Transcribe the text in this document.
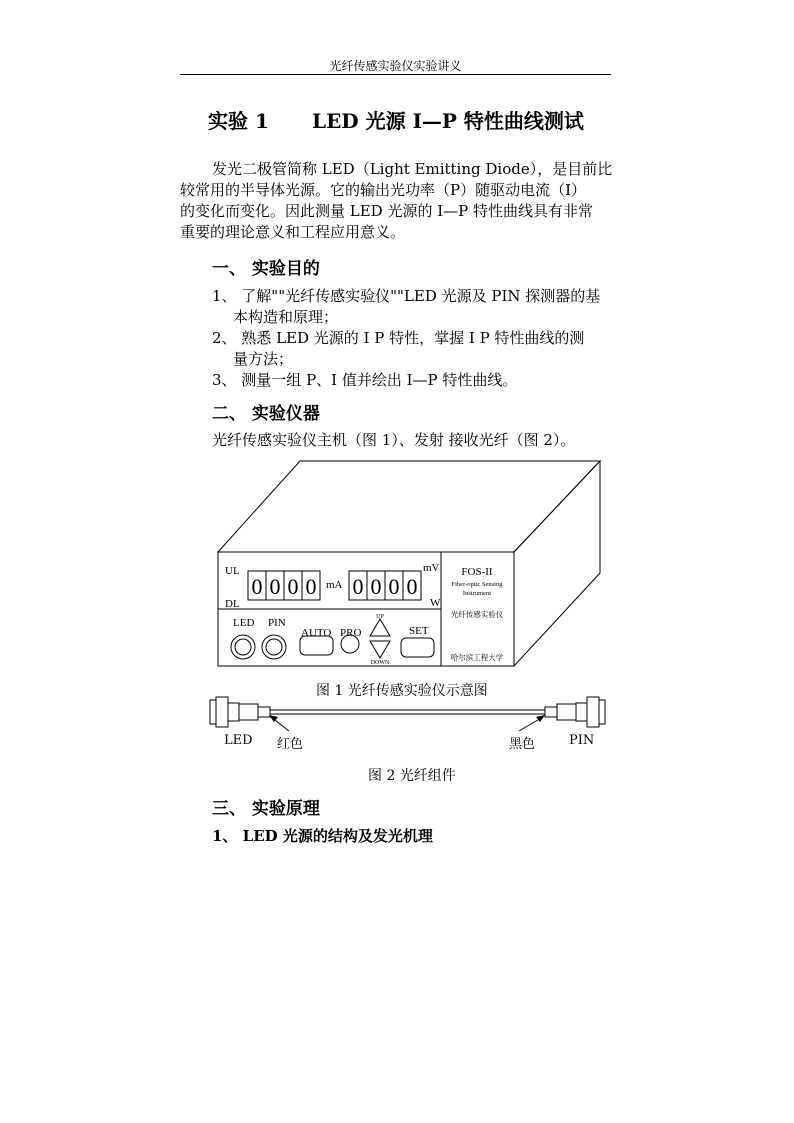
光纤传感实验仪实验讲义
实验 1 LED 光源 I—P 特性曲线测试
发光二极管简称 LED（Light Emitting Diode），是目前比
较常用的半导体光源。它的输出光功率（P）随驱动电流（I）
的变化而变化。因此测量 LED 光源的 I—P 特性曲线具有非常
重要的理论意义和工程应用意义。
一、 实验目的
1、 了解""光纤传感实验仪""LED 光源及 PIN 探测器的基
本构造和原理；
2、 熟悉 LED 光源的 I P 特性，掌握 I P 特性曲线的测
量方法；
3、 测量一组 P、I 值并绘出 I—P 特性曲线。
二、 实验仪器
光纤传感实验仪主机（图 1）、发射 接收光纤（图 2）。
0 0 0 0 0 0 0 0
UL
DL
mA
mV
W
LED PIN
AUTO PRO	SET
UP
DOWN
FOS-II
Fiber-optic Sensing
Instrument
光纤传感实验仪
哈尔滨工程大学
图 1 光纤传感实验仪示意图
LED 红色	黑色	PIN
图 2 光纤组件
三、 实验原理
1、 LED 光源的结构及发光机理
